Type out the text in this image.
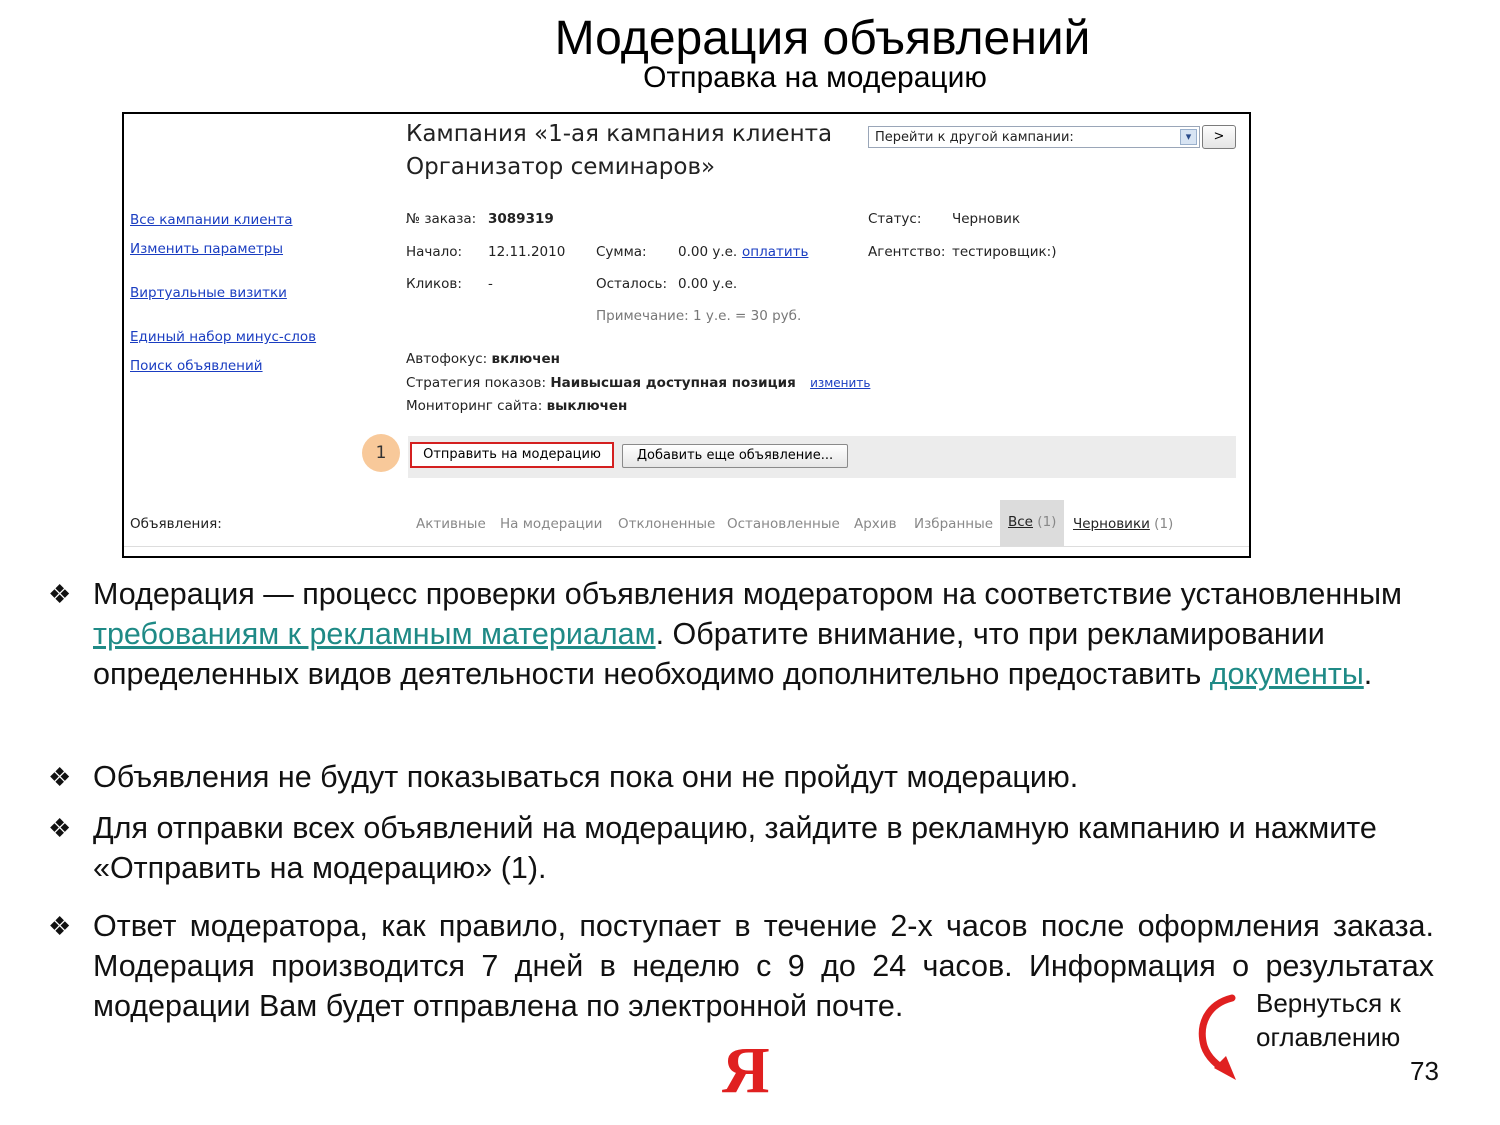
Модерация объявлений
Отправка на модерацию
Кампания «1-ая кампания клиента Организатор семинаров»
Перейти к другой кампании:	▾	>
Все кампании клиента
Изменить параметры
Виртуальные визитки
Единый набор минус-слов
Поиск объявлений
№ заказа: 3089319
Начало: 12.11.2010
Кликов: -
Сумма: 0.00 у.е. оплатить
Осталось: 0.00 у.е.
Примечание: 1 у.е. = 30 руб.
Статус: Черновик
Агентство: тестировщик:)
Автофокус: включен
Стратегия показов: Наивысшая доступная позиция изменить
Мониторинг сайта: выключен
1	Отправить на модерацию	Добавить еще объявление...
Объявления:	Активные На модерации Отклоненные Остановленные Архив Избранные Все (1) Черновики (1)
❖ Модерация — процесс проверки объявления модератором на соответствие установленным требованиям к рекламным материалам. Обратите внимание, что при рекламировании определенных видов деятельности необходимо дополнительно предоставить документы.
❖ Объявления не будут показываться пока они не пройдут модерацию.
❖ Для отправки всех объявлений на модерацию, зайдите в рекламную кампанию и нажмите «Отправить на модерацию» (1).
❖ Ответ модератора, как правило, поступает в течение 2-х часов после оформления заказа. Модерация производится 7 дней в неделю с 9 до 24 часов. Информация о результатах модерации Вам будет отправлена по электронной почте.
Я
Вернуться к
оглавлению
73
